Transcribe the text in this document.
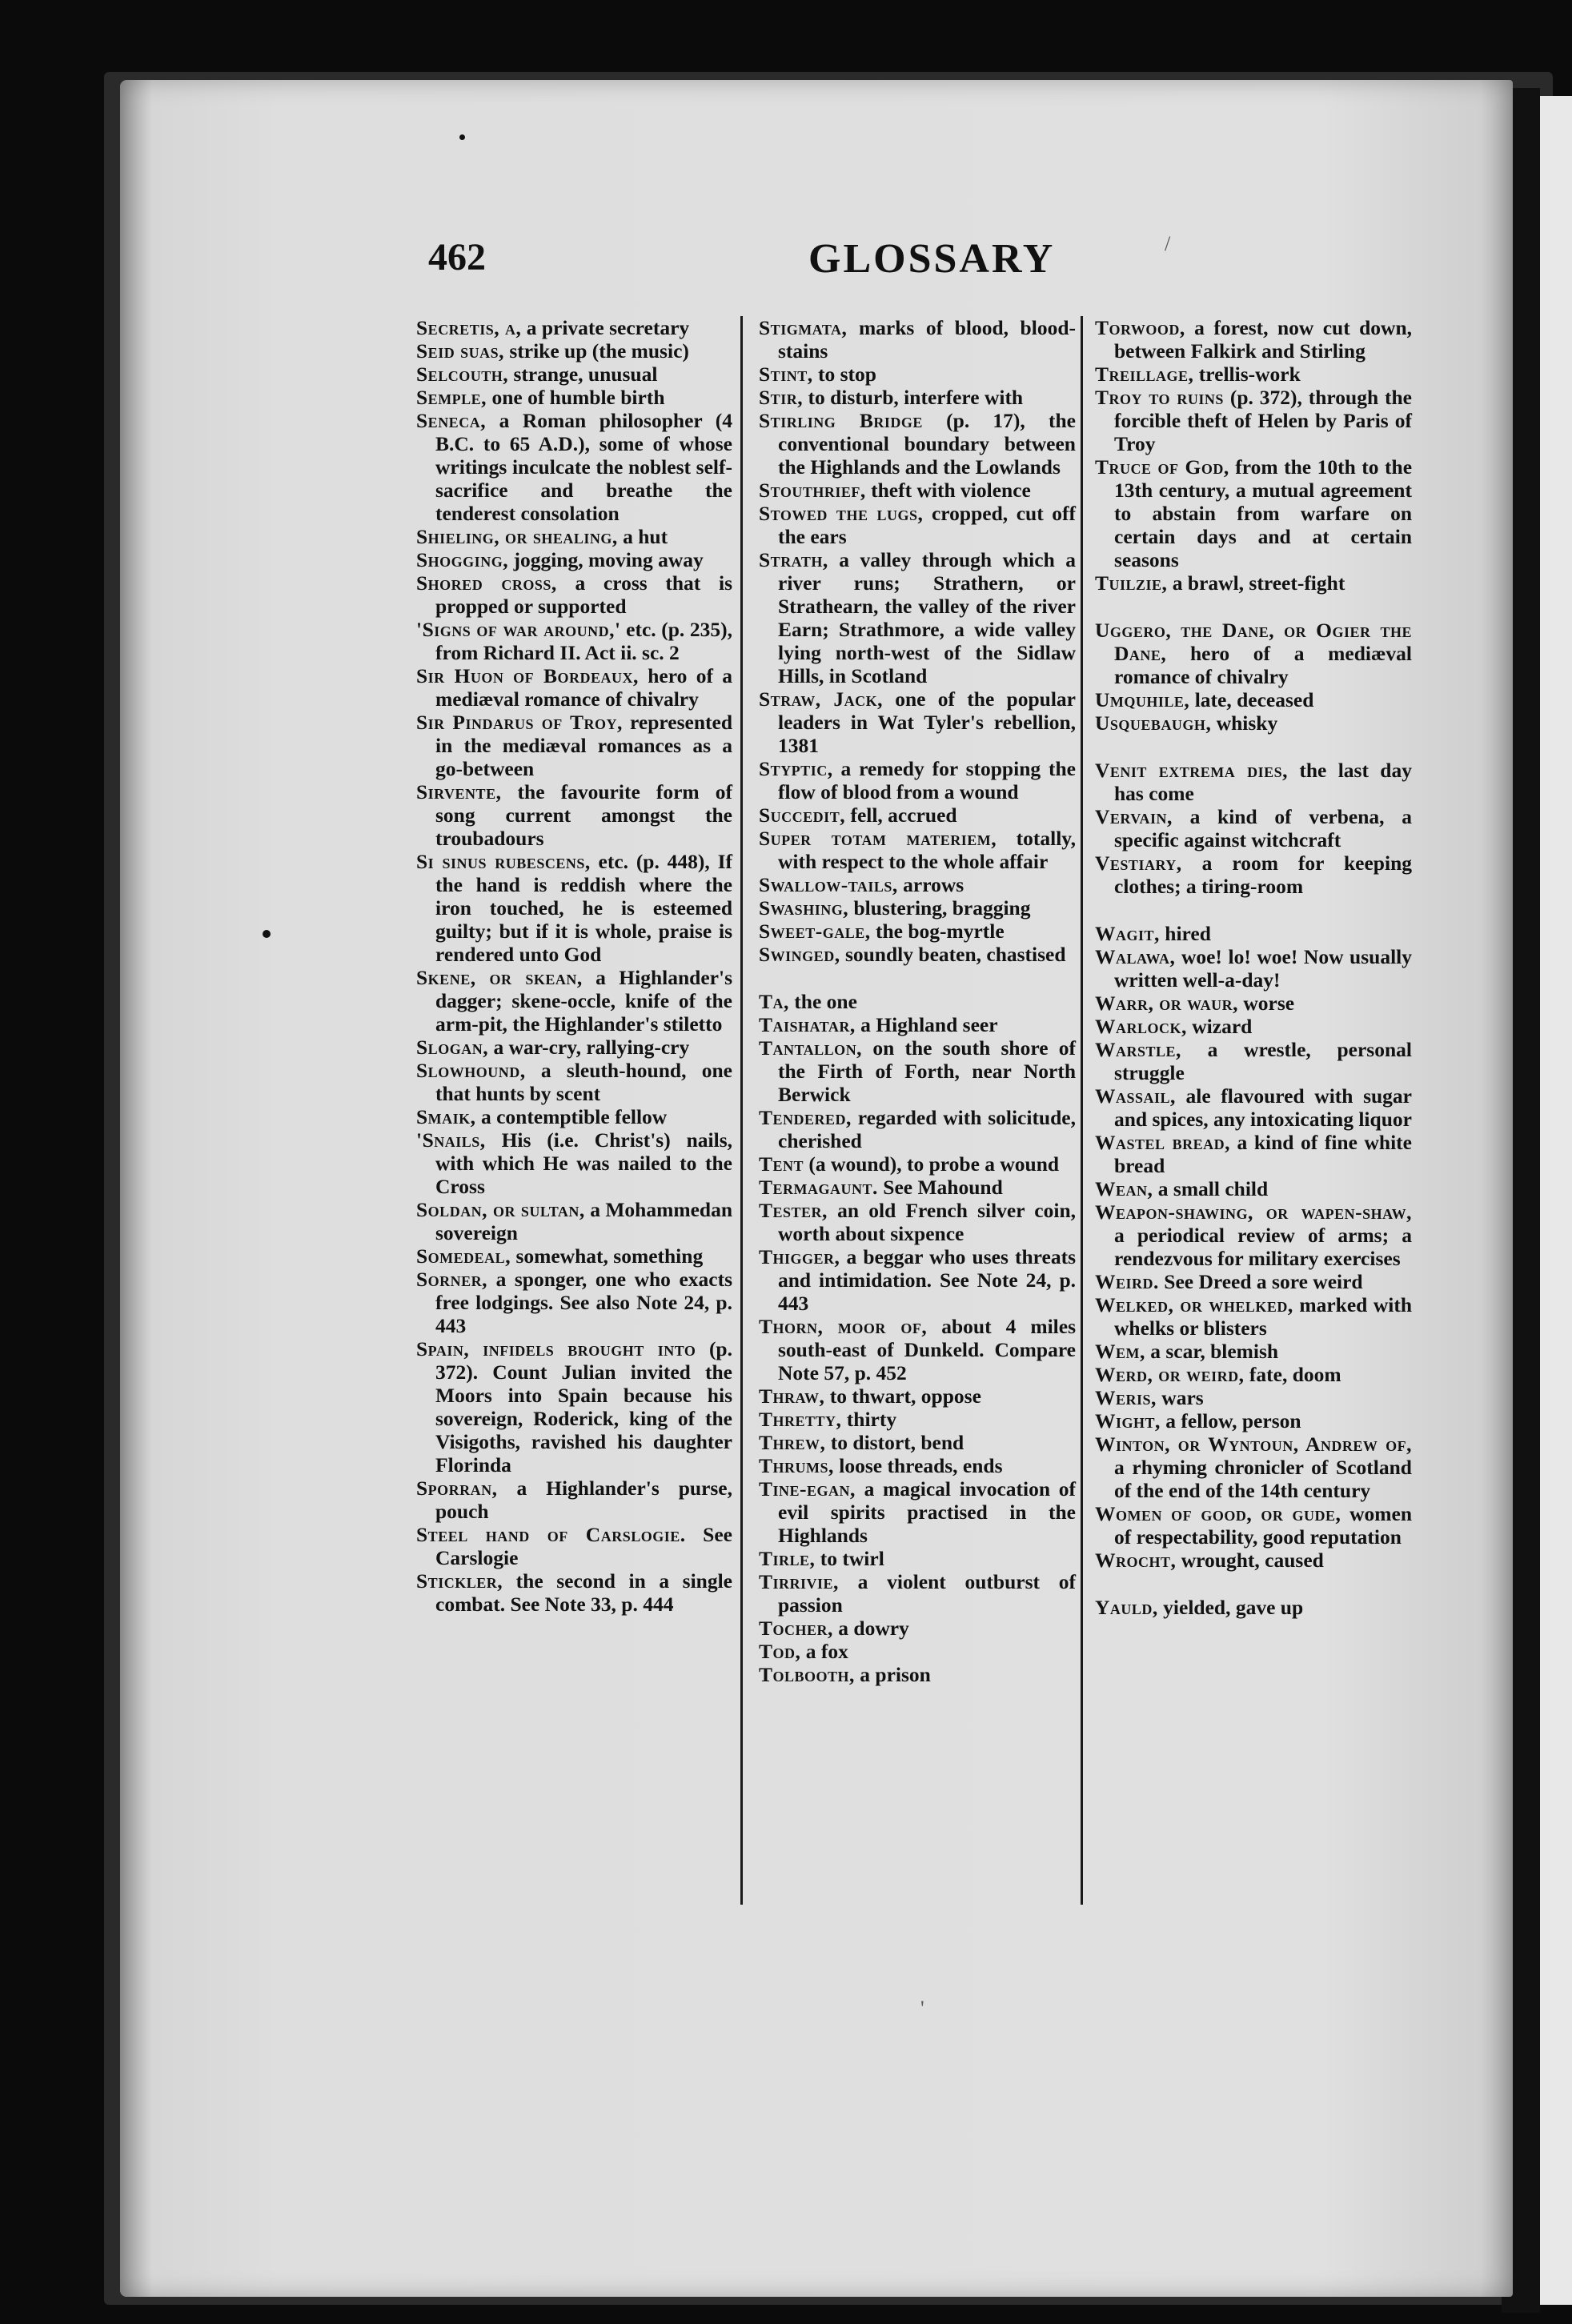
/
'
462	GLOSSARY

Secretis, a, a private secretary

Seid suas, strike up (the music)

Selcouth, strange, unusual

Semple, one of humble birth

Seneca, a Roman philosopher (4 B.C. to 65 A.D.), some of whose writings inculcate the noblest self-sacrifice and breathe the tenderest consolation

Shieling, or shealing, a hut

Shogging, jogging, moving away

Shored cross, a cross that is propped or supported

'Signs of war around,' etc. (p. 235), from Richard II. Act ii. sc. 2

Sir Huon of Bordeaux, hero of a mediæval romance of chivalry

Sir Pindarus of Troy, represented in the mediæval romances as a go-between

Sirvente, the favourite form of song current amongst the troubadours

Si sinus rubescens, etc. (p. 448), If the hand is reddish where the iron touched, he is esteemed guilty; but if it is whole, praise is rendered unto God

Skene, or skean, a Highlander's dagger; skene-occle, knife of the arm-pit, the Highlander's stiletto

Slogan, a war-cry, rallying-cry

Slowhound, a sleuth-hound, one that hunts by scent

Smaik, a contemptible fellow

'Snails, His (i.e. Christ's) nails, with which He was nailed to the Cross

Soldan, or sultan, a Mohammedan sovereign

Somedeal, somewhat, something

Sorner, a sponger, one who exacts free lodgings. See also Note 24, p. 443

Spain, infidels brought into (p. 372). Count Julian invited the Moors into Spain because his sovereign, Roderick, king of the Visigoths, ravished his daughter Florinda

Sporran, a Highlander's purse, pouch

Steel hand of Carslogie. See Carslogie

Stickler, the second in a single combat. See Note 33, p. 444

Stigmata, marks of blood, blood-stains

Stint, to stop

Stir, to disturb, interfere with

Stirling Bridge (p. 17), the conventional boundary between the Highlands and the Lowlands

Stouthrief, theft with violence

Stowed the lugs, cropped, cut off the ears

Strath, a valley through which a river runs; Strathern, or Strathearn, the valley of the river Earn; Strathmore, a wide valley lying north-west of the Sidlaw Hills, in Scotland

Straw, Jack, one of the popular leaders in Wat Tyler's rebellion, 1381

Styptic, a remedy for stopping the flow of blood from a wound

Succedit, fell, accrued

Super totam materiem, totally, with respect to the whole affair

Swallow-tails, arrows

Swashing, blustering, bragging

Sweet-gale, the bog-myrtle

Swinged, soundly beaten, chastised

Ta, the one

Taishatar, a Highland seer

Tantallon, on the south shore of the Firth of Forth, near North Berwick

Tendered, regarded with solicitude, cherished

Tent (a wound), to probe a wound

Termagaunt. See Mahound

Tester, an old French silver coin, worth about sixpence

Thigger, a beggar who uses threats and intimidation. See Note 24, p. 443

Thorn, moor of, about 4 miles south-east of Dunkeld. Compare Note 57, p. 452

Thraw, to thwart, oppose

Thretty, thirty

Threw, to distort, bend

Thrums, loose threads, ends

Tine-egan, a magical invocation of evil spirits practised in the Highlands

Tirle, to twirl

Tirrivie, a violent outburst of passion

Tocher, a dowry

Tod, a fox

Tolbooth, a prison

Torwood, a forest, now cut down, between Falkirk and Stirling

Treillage, trellis-work

Troy to ruins (p. 372), through the forcible theft of Helen by Paris of Troy

Truce of God, from the 10th to the 13th century, a mutual agreement to abstain from warfare on certain days and at certain seasons

Tuilzie, a brawl, street-fight

Uggero, the Dane, or Ogier the Dane, hero of a mediæval romance of chivalry

Umquhile, late, deceased

Usquebaugh, whisky

Venit extrema dies, the last day has come

Vervain, a kind of verbena, a specific against witchcraft

Vestiary, a room for keeping clothes; a tiring-room

Wagit, hired

Walawa, woe! lo! woe! Now usually written well-a-day!

Warr, or waur, worse

Warlock, wizard

Warstle, a wrestle, personal struggle

Wassail, ale flavoured with sugar and spices, any intoxicating liquor

Wastel bread, a kind of fine white bread

Wean, a small child

Weapon-shawing, or wapen-shaw, a periodical review of arms; a rendezvous for military exercises

Weird. See Dreed a sore weird

Welked, or whelked, marked with whelks or blisters

Wem, a scar, blemish

Werd, or weird, fate, doom

Weris, wars

Wight, a fellow, person

Winton, or Wyntoun, Andrew of, a rhyming chronicler of Scotland of the end of the 14th century

Women of good, or gude, women of respectability, good reputation

Wrocht, wrought, caused

Yauld, yielded, gave up
